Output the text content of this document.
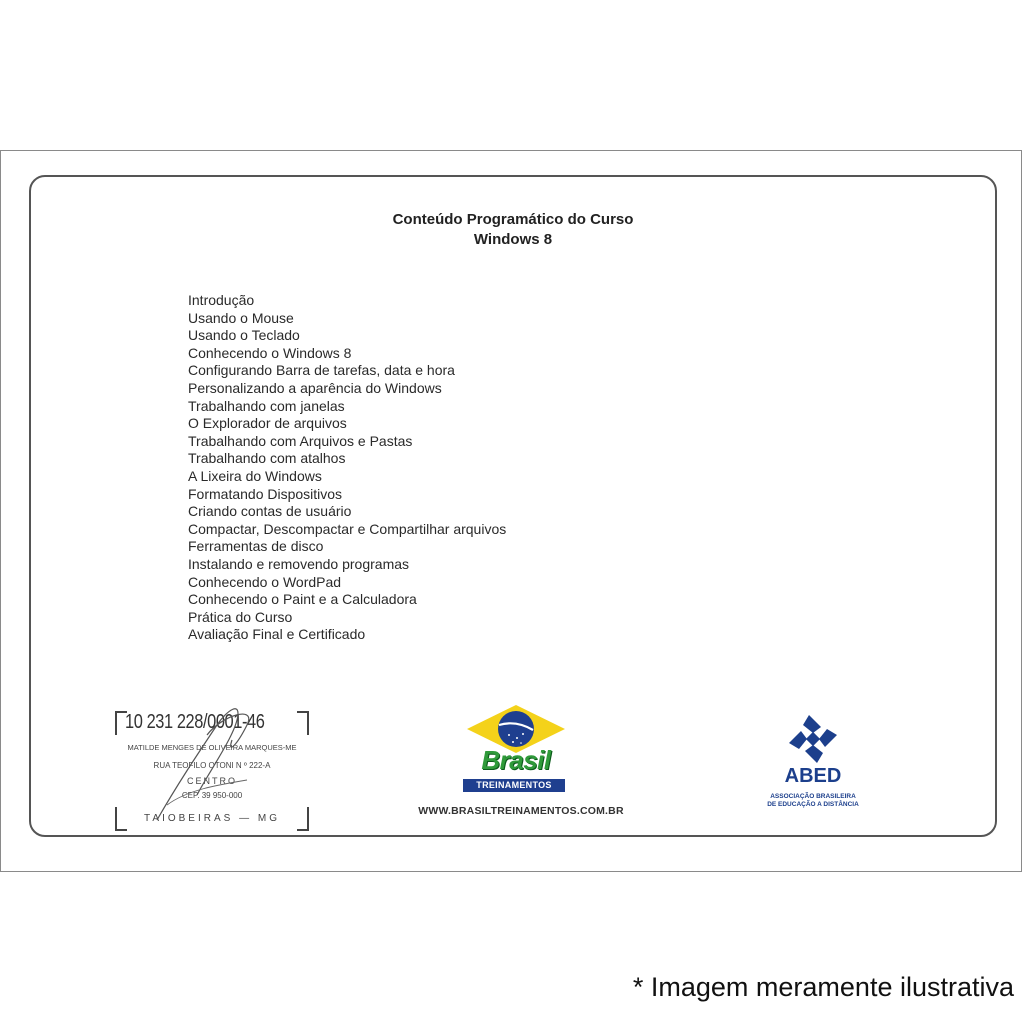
Conteúdo Programático do Curso
Windows 8
Introdução
Usando o Mouse
Usando o Teclado
Conhecendo o Windows 8
Configurando Barra de tarefas, data e hora
Personalizando a aparência do Windows
Trabalhando com janelas
O Explorador de arquivos
Trabalhando com Arquivos e Pastas
Trabalhando com atalhos
A Lixeira do Windows
Formatando Dispositivos
Criando contas de usuário
Compactar, Descompactar e Compartilhar arquivos
Ferramentas de disco
Instalando e removendo programas
Conhecendo o WordPad
Conhecendo o Paint e a Calculadora
Prática do Curso
Avaliação Final e Certificado
10 231 228/0001-46
MATILDE MENGES DE OLIVEIRA MARQUES-ME
RUA TEOFILO OTONI N º 222-A
CENTRO
CEP. 39 950-000
TAIOBEIRAS — MG
Brasil
TREINAMENTOS
WWW.BRASILTREINAMENTOS.COM.BR
ABED
ASSOCIAÇÃO BRASILEIRA
DE EDUCAÇÃO A DISTÂNCIA
* Imagem meramente ilustrativa
